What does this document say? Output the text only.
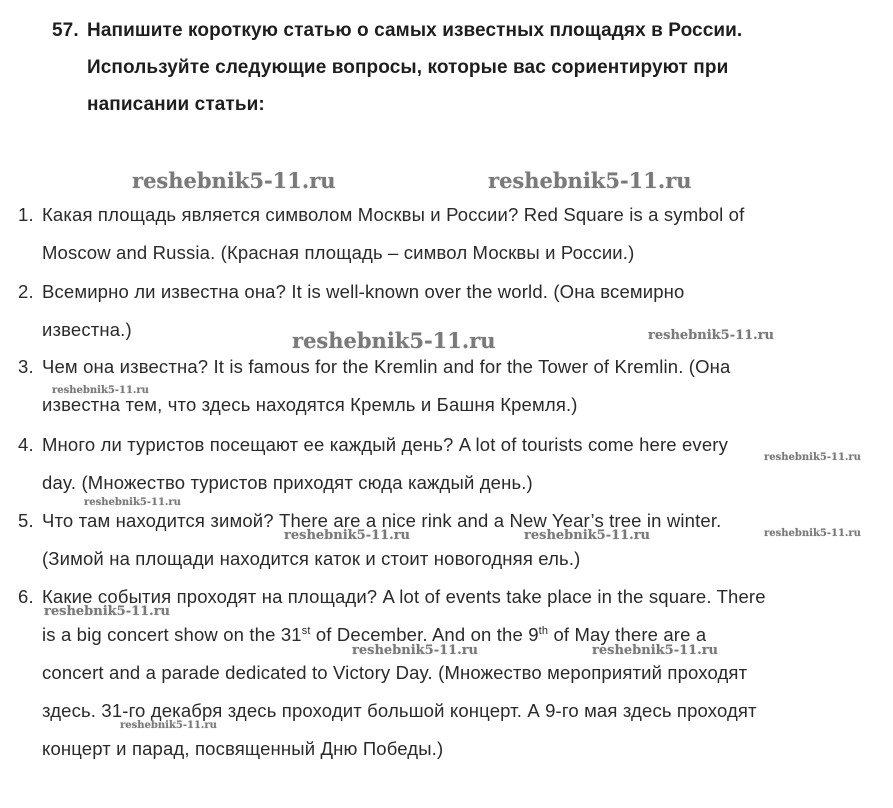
57. Напишите короткую статью о самых известных площадях в России.
Используйте следующие вопросы, которые вас сориентируют при
написании статьи:
1. Какая площадь является символом Москвы и России? Red Square is a symbol of
Moscow and Russia. (Красная площадь – символ Москвы и России.)
2. Всемирно ли известна она? It is well-known over the world. (Она всемирно
известна.)
3. Чем она известна? It is famous for the Kremlin and for the Tower of Kremlin. (Она
известна тем, что здесь находятся Кремль и Башня Кремля.)
4. Много ли туристов посещают ее каждый день? A lot of tourists come here every
day. (Множество туристов приходят сюда каждый день.)
5. Что там находится зимой? There are a nice rink and a New Year’s tree in winter.
(Зимой на площади находится каток и стоит новогодняя ель.)
6. Какие события проходят на площади? A lot of events take place in the square. There
is a big concert show on the 31st of December. And on the 9th of May there are a
concert and a parade dedicated to Victory Day. (Множество мероприятий проходят
здесь. 31-го декабря здесь проходит большой концерт. А 9-го мая здесь проходят
концерт и парад, посвященный Дню Победы.)
reshebnik5-11.ru	reshebnik5-11.ru
reshebnik5-11.ru	reshebnik5-11.ru
reshebnik5-11.ru
reshebnik5-11.ru
reshebnik5-11.ru
reshebnik5-11.ru	reshebnik5-11.ru	reshebnik5-11.ru
reshebnik5-11.ru
reshebnik5-11.ru	reshebnik5-11.ru
reshebnik5-11.ru
